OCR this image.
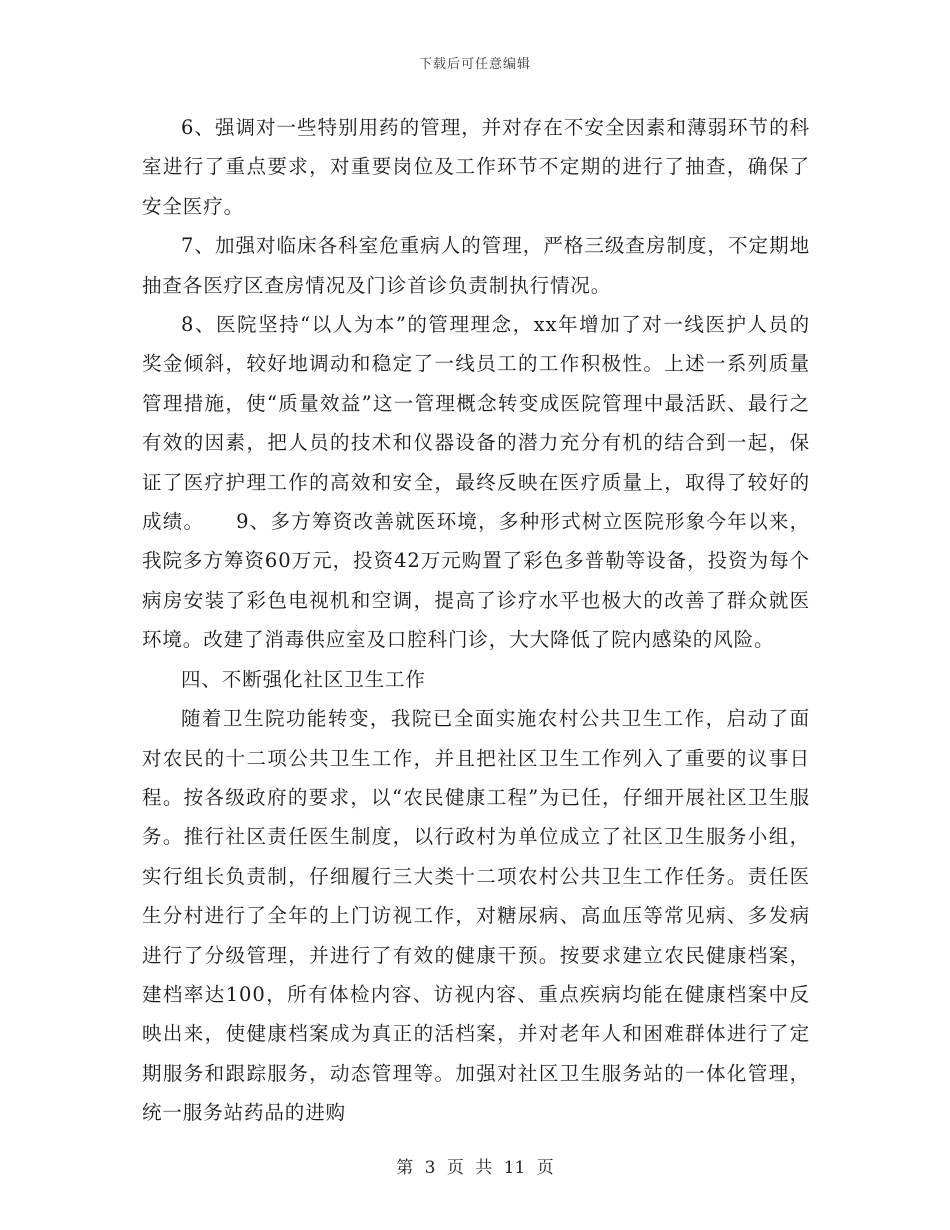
下载后可任意编辑

6、强调对一些特别用药的管理，并对存在不安全因素和薄弱环节的科室进行了重点要求，对重要岗位及工作环节不定期的进行了抽查，确保了安全医疗。

7、加强对临床各科室危重病人的管理，严格三级查房制度，不定期地抽查各医疗区查房情况及门诊首诊负责制执行情况。

8、医院坚持“以人为本”的管理理念，xx年增加了对一线医护人员的奖金倾斜，较好地调动和稳定了一线员工的工作积极性。上述一系列质量管理措施，使“质量效益”这一管理概念转变成医院管理中最活跃、最行之有效的因素，把人员的技术和仪器设备的潜力充分有机的结合到一起，保证了医疗护理工作的高效和安全，最终反映在医疗质量上，取得了较好的成绩。　　9、多方筹资改善就医环境，多种形式树立医院形象今年以来，我院多方筹资60万元，投资42万元购置了彩色多普勒等设备，投资为每个病房安装了彩色电视机和空调，提高了诊疗水平也极大的改善了群众就医环境。改建了消毒供应室及口腔科门诊，大大降低了院内感染的风险。

四、不断强化社区卫生工作

随着卫生院功能转变，我院已全面实施农村公共卫生工作，启动了面对农民的十二项公共卫生工作，并且把社区卫生工作列入了重要的议事日程。按各级政府的要求，以“农民健康工程”为已任，仔细开展社区卫生服务。推行社区责任医生制度，以行政村为单位成立了社区卫生服务小组，实行组长负责制，仔细履行三大类十二项农村公共卫生工作任务。责任医生分村进行了全年的上门访视工作，对糖尿病、高血压等常见病、多发病进行了分级管理，并进行了有效的健康干预。按要求建立农民健康档案，建档率达100，所有体检内容、访视内容、重点疾病均能在健康档案中反映出来，使健康档案成为真正的活档案，并对老年人和困难群体进行了定期服务和跟踪服务，动态管理等。加强对社区卫生服务站的一体化管理，统一服务站药品的进购

第 3 页 共 11 页
